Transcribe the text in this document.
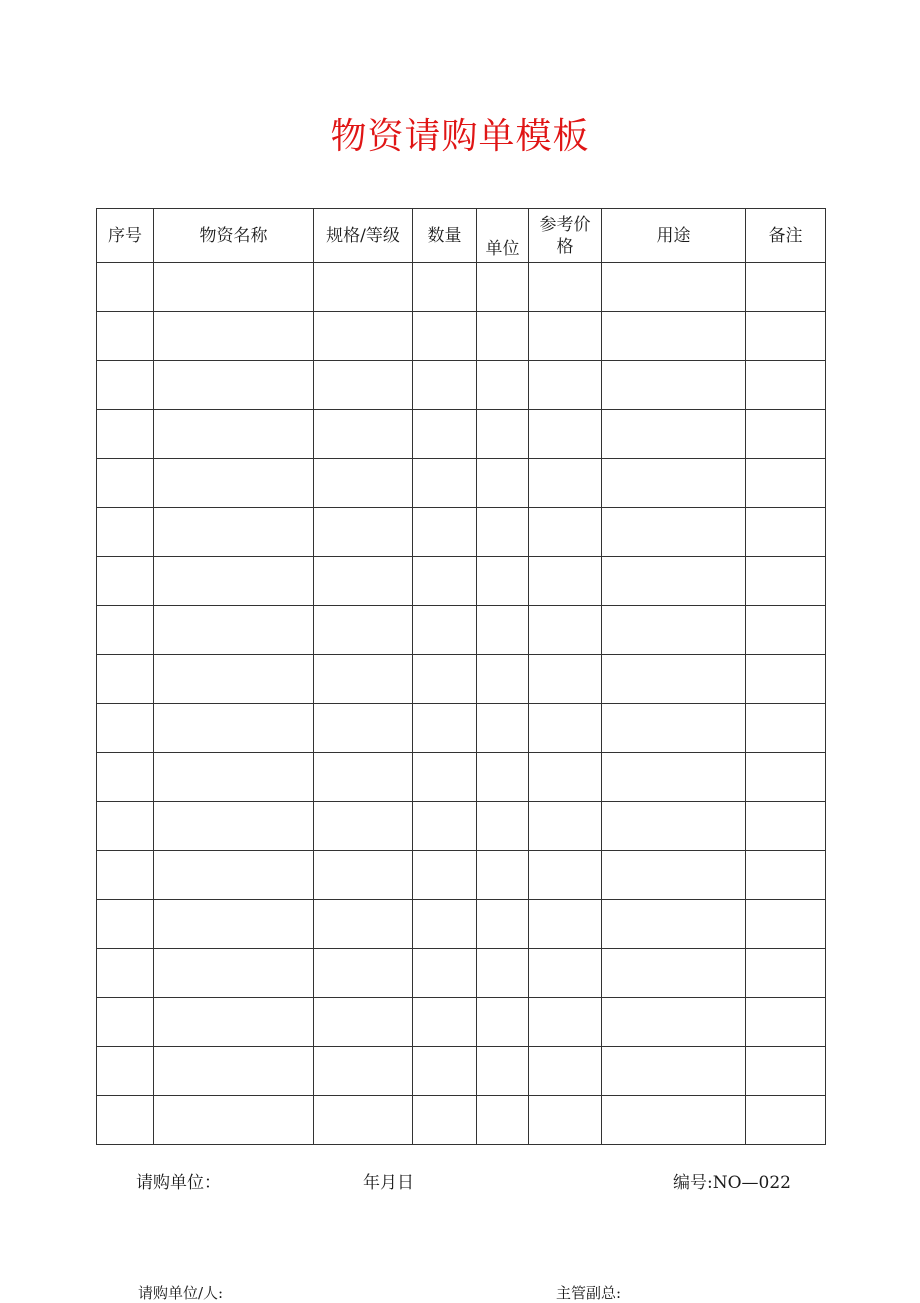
物资请购单模板
序号	物资名称	规格/等级	数量	单位	参考价格	用途	备注

请购单位：	年月日	编号:NO—022
请购单位/人:	主管副总:
